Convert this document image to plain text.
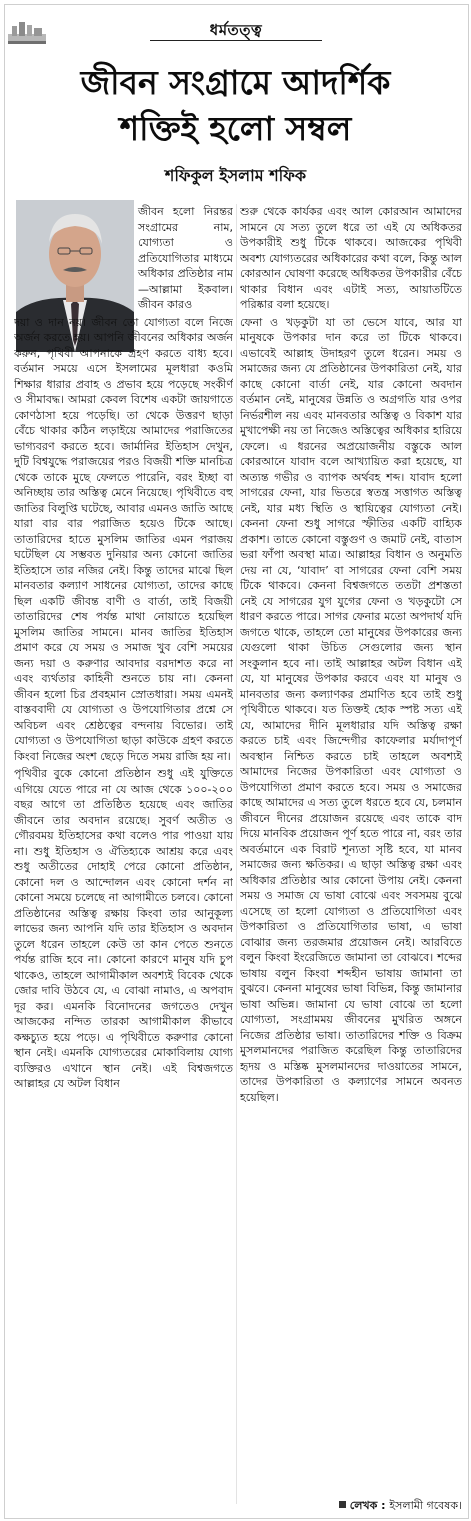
ধর্মতত্ত্ব
জীবন সংগ্রামে আদর্শিক
শক্তিই হলো সম্বল
শফিকুল ইসলাম শফিক

জীবন হলো নিরন্তর সংগ্রামের নাম, যোগ্যতা ও প্রতিযোগিতার মাধ্যমে অধিকার প্রতিষ্ঠার নাম—আল্লামা ইকবাল। জীবন কারও

দয়া ও দান নয়। জীবন তো যোগ্যতা বলে নিজে অর্জন করতে হয়। আপনি জীবনের অধিকার অর্জন করুন, পৃথিবী আপনাকে গ্রহণ করতে বাধ্য হবে। বর্তমান সময়ে এসে ইসলামের মূলধারা কওমি শিক্ষার ধারার প্রবাহ ও প্রভাব হয়ে পড়েছে সংকীর্ণ ও সীমাবদ্ধ। আমরা কেবল বিশেষ একটা জায়গাতে কোণঠাসা হয়ে পড়েছি। তা থেকে উত্তরণ ছাড়া বেঁচে থাকার কঠিন লড়াইয়ে আমাদের পরাজিতের ভাগ্যবরণ করতে হবে। জার্মানির ইতিহাস দেখুন, দুটি বিশ্বযুদ্ধে পরাজয়ের পরও বিজয়ী শক্তি মানচিত্র থেকে তাকে মুছে ফেলতে পারেনি, বরং ইচ্ছা বা অনিচ্ছায় তার অস্তিত্ব মেনে নিয়েছে। পৃথিবীতে বহু জাতির বিলুপ্তি ঘটেছে, আবার এমনও জাতি আছে যারা বার বার পরাজিত হয়েও টিকে আছে। তাতারিদের হাতে মুসলিম জাতির এমন পরাজয় ঘটেছিল যে সম্ভবত দুনিয়ার অন্য কোনো জাতির ইতিহাসে তার নজির নেই। কিন্তু তাদের মাঝে ছিল মানবতার কল্যাণ সাধনের যোগ্যতা, তাদের কাছে ছিল একটি জীবন্ত বাণী ও বার্তা, তাই বিজয়ী তাতারিদের শেষ পর্যন্ত মাথা নোয়াতে হয়েছিল মুসলিম জাতির সামনে। মানব জাতির ইতিহাস প্রমাণ করে যে সময় ও সমাজ খুব বেশি সময়ের জন্য দয়া ও করুণার আবদার বরদাশত করে না এবং ব্যর্থতার কাহিনী শুনতে চায় না। কেননা জীবন হলো চির প্রবহমান স্রোতধারা। সময় এমনই বাস্তববাদী যে যোগ্যতা ও উপযোগিতার প্রশ্নে সে অবিচল এবং শ্রেষ্ঠত্বের বন্দনায় বিভোর। তাই যোগ্যতা ও উপযোগিতা ছাড়া কাউকে গ্রহণ করতে কিংবা নিজের অংশ ছেড়ে দিতে সময় রাজি হয় না।

পৃথিবীর বুকে কোনো প্রতিষ্ঠান শুধু এই যুক্তিতে এগিয়ে যেতে পারে না যে আজ থেকে ১০০-২০০ বছর আগে তা প্রতিষ্ঠিত হয়েছে এবং জাতির জীবনে তার অবদান রয়েছে। সুবর্ণ অতীত ও গৌরবময় ইতিহাসের কথা বলেও পার পাওয়া যায় না। শুধু ইতিহাস ও ঐতিহ্যকে আশ্রয় করে এবং শুধু অতীতের দোহাই পেরে কোনো প্রতিষ্ঠান, কোনো দল ও আন্দোলন এবং কোনো দর্শন না কোনো সময়ে চলেছে না আগামীতে চলবে। কোনো প্রতিষ্ঠানের অস্তিত্ব রক্ষায় কিংবা তার আনুকূল্য লাভের জন্য আপনি যদি তার ইতিহাস ও অবদান তুলে ধরেন তাহলে কেউ তা কান পেতে শুনতে পর্যন্ত রাজি হবে না। কোনো কারণে মানুষ যদি চুপ থাকেও, তাহলে আগামীকাল অবশ্যই বিবেক থেকে জোর দাবি উঠবে যে, এ বোঝা নামাও, এ অপবাদ দূর কর। এমনকি বিনোদনের জগতেও দেখুন আজকের নন্দিত তারকা আগামীকাল কীভাবে কক্ষচ্যুত হয়ে পড়ে। এ পৃথিবীতে করুণার কোনো স্থান নেই। এমনকি যোগ্যতরের মোকাবিলায় যোগ্য ব্যক্তিরও এখানে স্থান নেই। এই বিশ্বজগতে আল্লাহর যে অটল বিধান

শুরু থেকে কার্যকর এবং আল কোরআন আমাদের সামনে যে সত্য তুলে ধরে তা এই যে অধিকতর উপকারীই শুধু টিকে থাকবে। আজকের পৃথিবী অবশ্য যোগ্যতরের অধিকারের কথা বলে, কিন্তু আল কোরআন ঘোষণা করেছে অধিকতর উপকারীর বেঁচে থাকার বিধান এবং এটাই সত্য, আয়াতটিতে পরিষ্কার বলা হয়েছে।

ফেনা ও খড়কুটা যা তা ভেসে যাবে, আর যা মানুষকে উপকার দান করে তা টিকে থাকবে। এভাবেই আল্লাহ উদাহরণ তুলে ধরেন। সময় ও সমাজের জন্য যে প্রতিষ্ঠানের উপকারিতা নেই, যার কাছে কোনো বার্তা নেই, যার কোনো অবদান বর্তমান নেই, মানুষের উন্নতি ও অগ্রগতি যার ওপর নির্ভরশীল নয় এবং মানবতার অস্তিত্ব ও বিকাশ যার মুখাপেক্ষী নয় তা নিজেও অস্তিত্বের অধিকার হারিয়ে ফেলে। এ ধরনের অপ্রয়োজনীয় বস্তুকে আল কোরআনে যাবাদ বলে আখ্যায়িত করা হয়েছে, যা অত্যন্ত গভীর ও ব্যাপক অর্থবহ শব্দ। যাবাদ হলো সাগরের ফেনা, যার ভিতরে স্বতন্ত্র সত্তাগত অস্তিত্ব নেই, যার মধ্য স্থিতি ও স্থায়িত্বের যোগ্যতা নেই। কেননা ফেনা শুধু সাগরে স্ফীতির একটি বাহ্যিক প্রকাশ। তাতে কোনো বস্তুগুণ ও জমাট নেই, বাতাস ভরা ফাঁপা অবস্থা মাত্র। আল্লাহর বিধান ও অনুমতি দেয় না যে, ‘যাবাদ’ বা সাগরের ফেনা বেশি সময় টিকে থাকবে। কেননা বিশ্বজগতে ততটা প্রশস্ততা নেই যে সাগরের যুগ যুগের ফেনা ও খড়কুটো সে ধারণ করতে পারে। সাগর ফেনার মতো অপদার্থ যদি জগতে থাকে, তাহলে তো মানুষের উপকারের জন্য যেগুলো থাকা উচিত সেগুলোর জন্য স্থান সংকুলান হবে না। তাই আল্লাহর অটল বিধান এই যে, যা মানুষের উপকার করবে এবং যা মানুষ ও মানবতার জন্য কল্যাণকর প্রমাণিত হবে তাই শুধু পৃথিবীতে থাকবে। যত তিক্তই হোক স্পষ্ট সত্য এই যে, আমাদের দীনি মূলধারার যদি অস্তিত্ব রক্ষা করতে চাই এবং জিন্দেগীর কাফেলার মর্যাদাপূর্ণ অবস্থান নিশ্চিত করতে চাই তাহলে অবশ্যই আমাদের নিজের উপকারিতা এবং যোগ্যতা ও উপযোগিতা প্রমাণ করতে হবে। সময় ও সমাজের কাছে আমাদের এ সত্য তুলে ধরতে হবে যে, চলমান জীবনে দীনের প্রয়োজন রয়েছে এবং তাকে বাদ দিয়ে মানবিক প্রয়োজন পূর্ণ হতে পারে না, বরং তার অবর্তমানে এক বিরাট শূন্যতা সৃষ্টি হবে, যা মানব সমাজের জন্য ক্ষতিকর। এ ছাড়া অস্তিত্ব রক্ষা এবং অধিকার প্রতিষ্ঠার আর কোনো উপায় নেই। কেননা সময় ও সমাজ যে ভাষা বোঝে এবং সবসময় বুঝে এসেছে তা হলো যোগ্যতা ও প্রতিযোগিতা এবং উপকারিতা ও প্রতিযোগিতার ভাষা, এ ভাষা বোঝার জন্য তরজমার প্রয়োজন নেই। আরবিতে বলুন কিংবা ইংরেজিতে জামানা তা বোঝবে। শব্দের ভাষায় বলুন কিংবা শব্দহীন ভাষায় জামানা তা বুঝবে। কেননা মানুষের ভাষা বিভিন্ন, কিন্তু জামানার ভাষা অভিন্ন। জামানা যে ভাষা বোঝে তা হলো যোগ্যতা, সংগ্রামময় জীবনের মুখরিত অঙ্গনে নিজের প্রতিষ্ঠার ভাষা। তাতারিদের শক্তি ও বিক্রম মুসলমানদের পরাজিত করেছিল কিন্তু তাতারিদের হৃদয় ও মস্তিষ্ক মুসলমানদের দাওয়াতের সামনে, তাদের উপকারিতা ও কল্যাণের সামনে অবনত হয়েছিল।

লেখক : ইসলামী গবেষক।
